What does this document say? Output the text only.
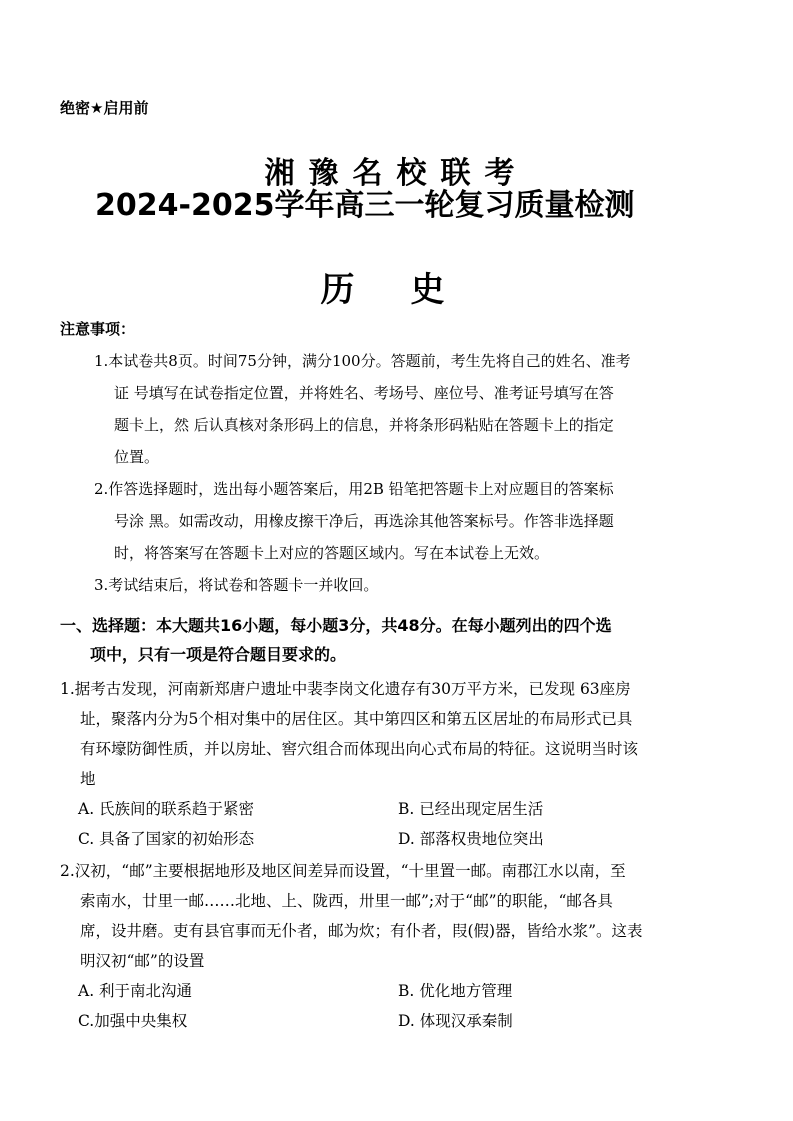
绝密★启用前
湘豫名校联考
2024-2025学年高三一轮复习质量检测
历史
注意事项：
1.本试卷共8页。时间75分钟，满分100分。答题前，考生先将自己的姓名、准考
证 号填写在试卷指定位置，并将姓名、考场号、座位号、准考证号填写在答
题卡上，然 后认真核对条形码上的信息，并将条形码粘贴在答题卡上的指定
位置。
2.作答选择题时，选出每小题答案后，用2B 铅笔把答题卡上对应题目的答案标
号涂 黑。如需改动，用橡皮擦干净后，再选涂其他答案标号。作答非选择题
时，将答案写在答题卡上对应的答题区域内。写在本试卷上无效。
3.考试结束后，将试卷和答题卡一并收回。
一、选择题：本大题共16小题，每小题3分，共48分。在每小题列出的四个选
项中，只有一项是符合题目要求的。
1.据考古发现，河南新郑唐户遗址中裴李岗文化遗存有30万平方米，已发现 63座房
址，聚落内分为5个相对集中的居住区。其中第四区和第五区居址的布局形式已具
有环壕防御性质，并以房址、窖穴组合而体现出向心式布局的特征。这说明当时该
地
A. 氏族间的联系趋于紧密	B. 已经出现定居生活
C. 具备了国家的初始形态	D. 部落权贵地位突出
2.汉初，“邮”主要根据地形及地区间差异而设置，“十里置一邮。南郡江水以南，至
索南水，廿里一邮……北地、上、陇西，卅里一邮”;对于“邮”的职能，“邮各具
席，设井磨。吏有县官事而无仆者，邮为炊；有仆者，叚(假)器，皆给水浆”。这表
明汉初“邮”的设置
A. 利于南北沟通	B. 优化地方管理
C.加强中央集权	D. 体现汉承秦制
